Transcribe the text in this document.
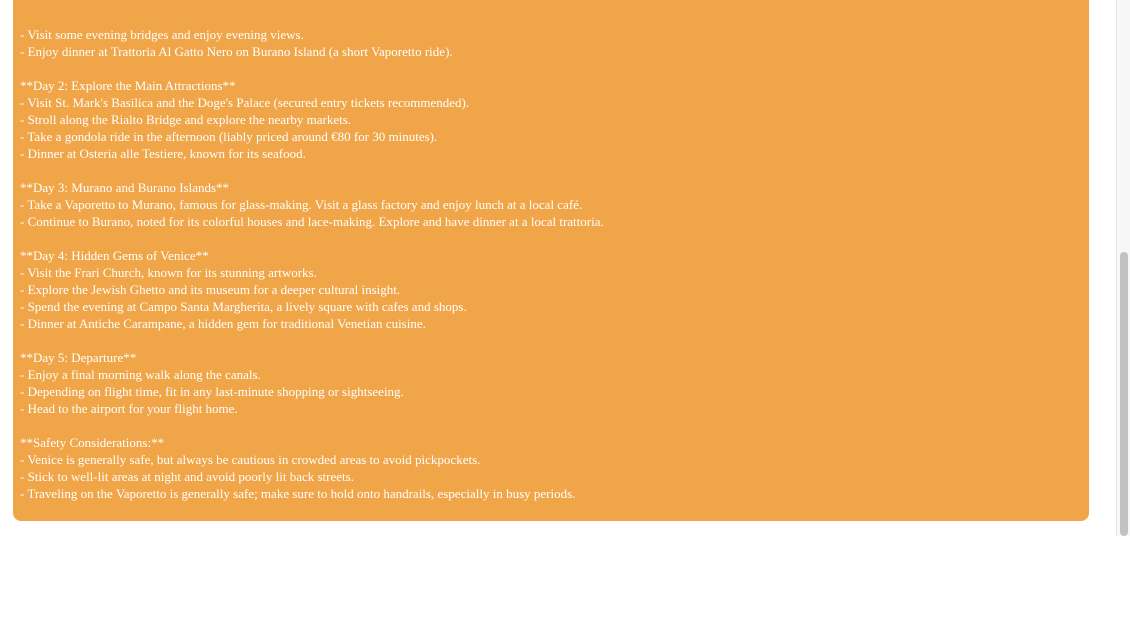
- Visit some evening bridges and enjoy evening views.
- Enjoy dinner at Trattoria Al Gatto Nero on Burano Island (a short Vaporetto ride).
**Day 2: Explore the Main Attractions**
- Visit St. Mark's Basilica and the Doge's Palace (secured entry tickets recommended).
- Stroll along the Rialto Bridge and explore the nearby markets.
- Take a gondola ride in the afternoon (liably priced around €80 for 30 minutes).
- Dinner at Osteria alle Testiere, known for its seafood.
**Day 3: Murano and Burano Islands**
- Take a Vaporetto to Murano, famous for glass-making. Visit a glass factory and enjoy lunch at a local café.
- Continue to Burano, noted for its colorful houses and lace-making. Explore and have dinner at a local trattoria.
**Day 4: Hidden Gems of Venice**
- Visit the Frari Church, known for its stunning artworks.
- Explore the Jewish Ghetto and its museum for a deeper cultural insight.
- Spend the evening at Campo Santa Margherita, a lively square with cafes and shops.
- Dinner at Antiche Carampane, a hidden gem for traditional Venetian cuisine.
**Day 5: Departure**
- Enjoy a final morning walk along the canals.
- Depending on flight time, fit in any last-minute shopping or sightseeing.
- Head to the airport for your flight home.
**Safety Considerations:**
- Venice is generally safe, but always be cautious in crowded areas to avoid pickpockets.
- Stick to well-lit areas at night and avoid poorly lit back streets.
- Traveling on the Vaporetto is generally safe; make sure to hold onto handrails, especially in busy periods.

By following this itinerary, you should have an unforgettable experience in Venice, filled with beautiful sights, delicious food, and cultural richness! Let me know if you need further assistance or adjustments to the plan.
